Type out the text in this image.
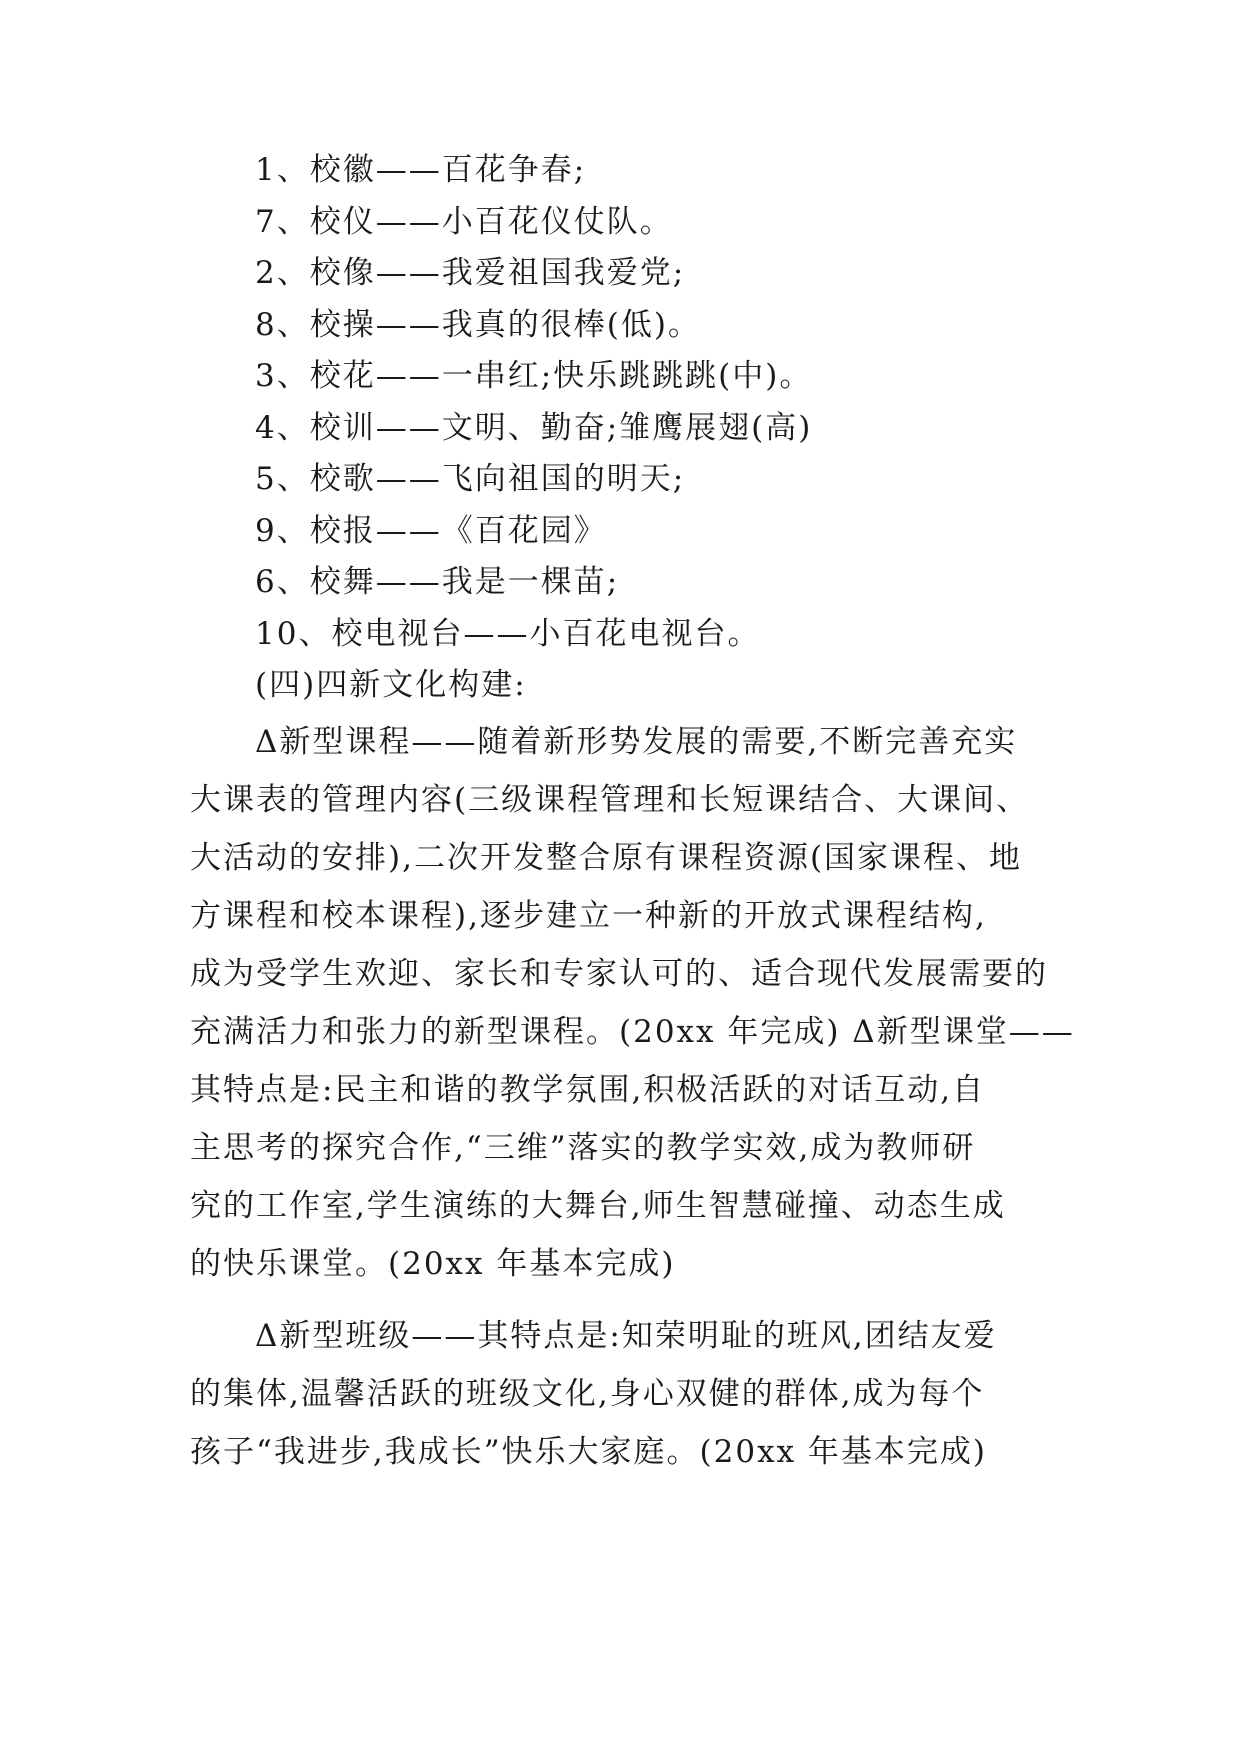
1、校徽——百花争春;
7、校仪——小百花仪仗队。
2、校像——我爱祖国我爱党;
8、校操——我真的很棒(低)。
3、校花——一串红;快乐跳跳跳(中)。
4、校训——文明、勤奋;雏鹰展翅(高)
5、校歌——飞向祖国的明天;
9、校报——《百花园》
6、校舞——我是一棵苗;
10、校电视台——小百花电视台。
(四)四新文化构建:
Δ新型课程——随着新形势发展的需要,不断完善充实
大课表的管理内容(三级课程管理和长短课结合、大课间、
大活动的安排),二次开发整合原有课程资源(国家课程、地
方课程和校本课程),逐步建立一种新的开放式课程结构,
成为受学生欢迎、家长和专家认可的、适合现代发展需要的
充满活力和张力的新型课程。(20xx 年完成) Δ新型课堂——
其特点是:民主和谐的教学氛围,积极活跃的对话互动,自
主思考的探究合作,“三维”落实的教学实效,成为教师研
究的工作室,学生演练的大舞台,师生智慧碰撞、动态生成
的快乐课堂。(20xx 年基本完成)
Δ新型班级——其特点是:知荣明耻的班风,团结友爱
的集体,温馨活跃的班级文化,身心双健的群体,成为每个
孩子“我进步,我成长”快乐大家庭。(20xx 年基本完成)
